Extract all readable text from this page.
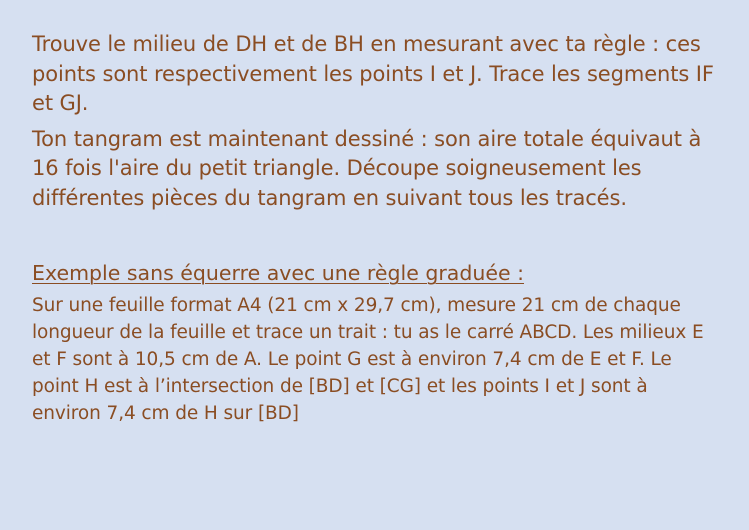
Trouve le milieu de DH et de BH en mesurant avec ta règle : ces points sont respectivement les points I et J. Trace les segments IF et GJ.

Ton tangram est maintenant dessiné : son aire totale équivaut à 16 fois l'aire du petit triangle. Découpe soigneusement les différentes pièces du tangram en suivant tous les tracés.

Exemple sans équerre avec une règle graduée :

Sur une feuille format A4 (21 cm x 29,7 cm), mesure 21 cm de chaque longueur de la feuille et trace un trait : tu as le carré ABCD. Les milieux E et F sont à 10,5 cm de A. Le point G est à environ 7,4 cm de E et F. Le point H est à l’intersection de [BD] et [CG] et les points I et J sont à environ 7,4 cm de H sur [BD]
